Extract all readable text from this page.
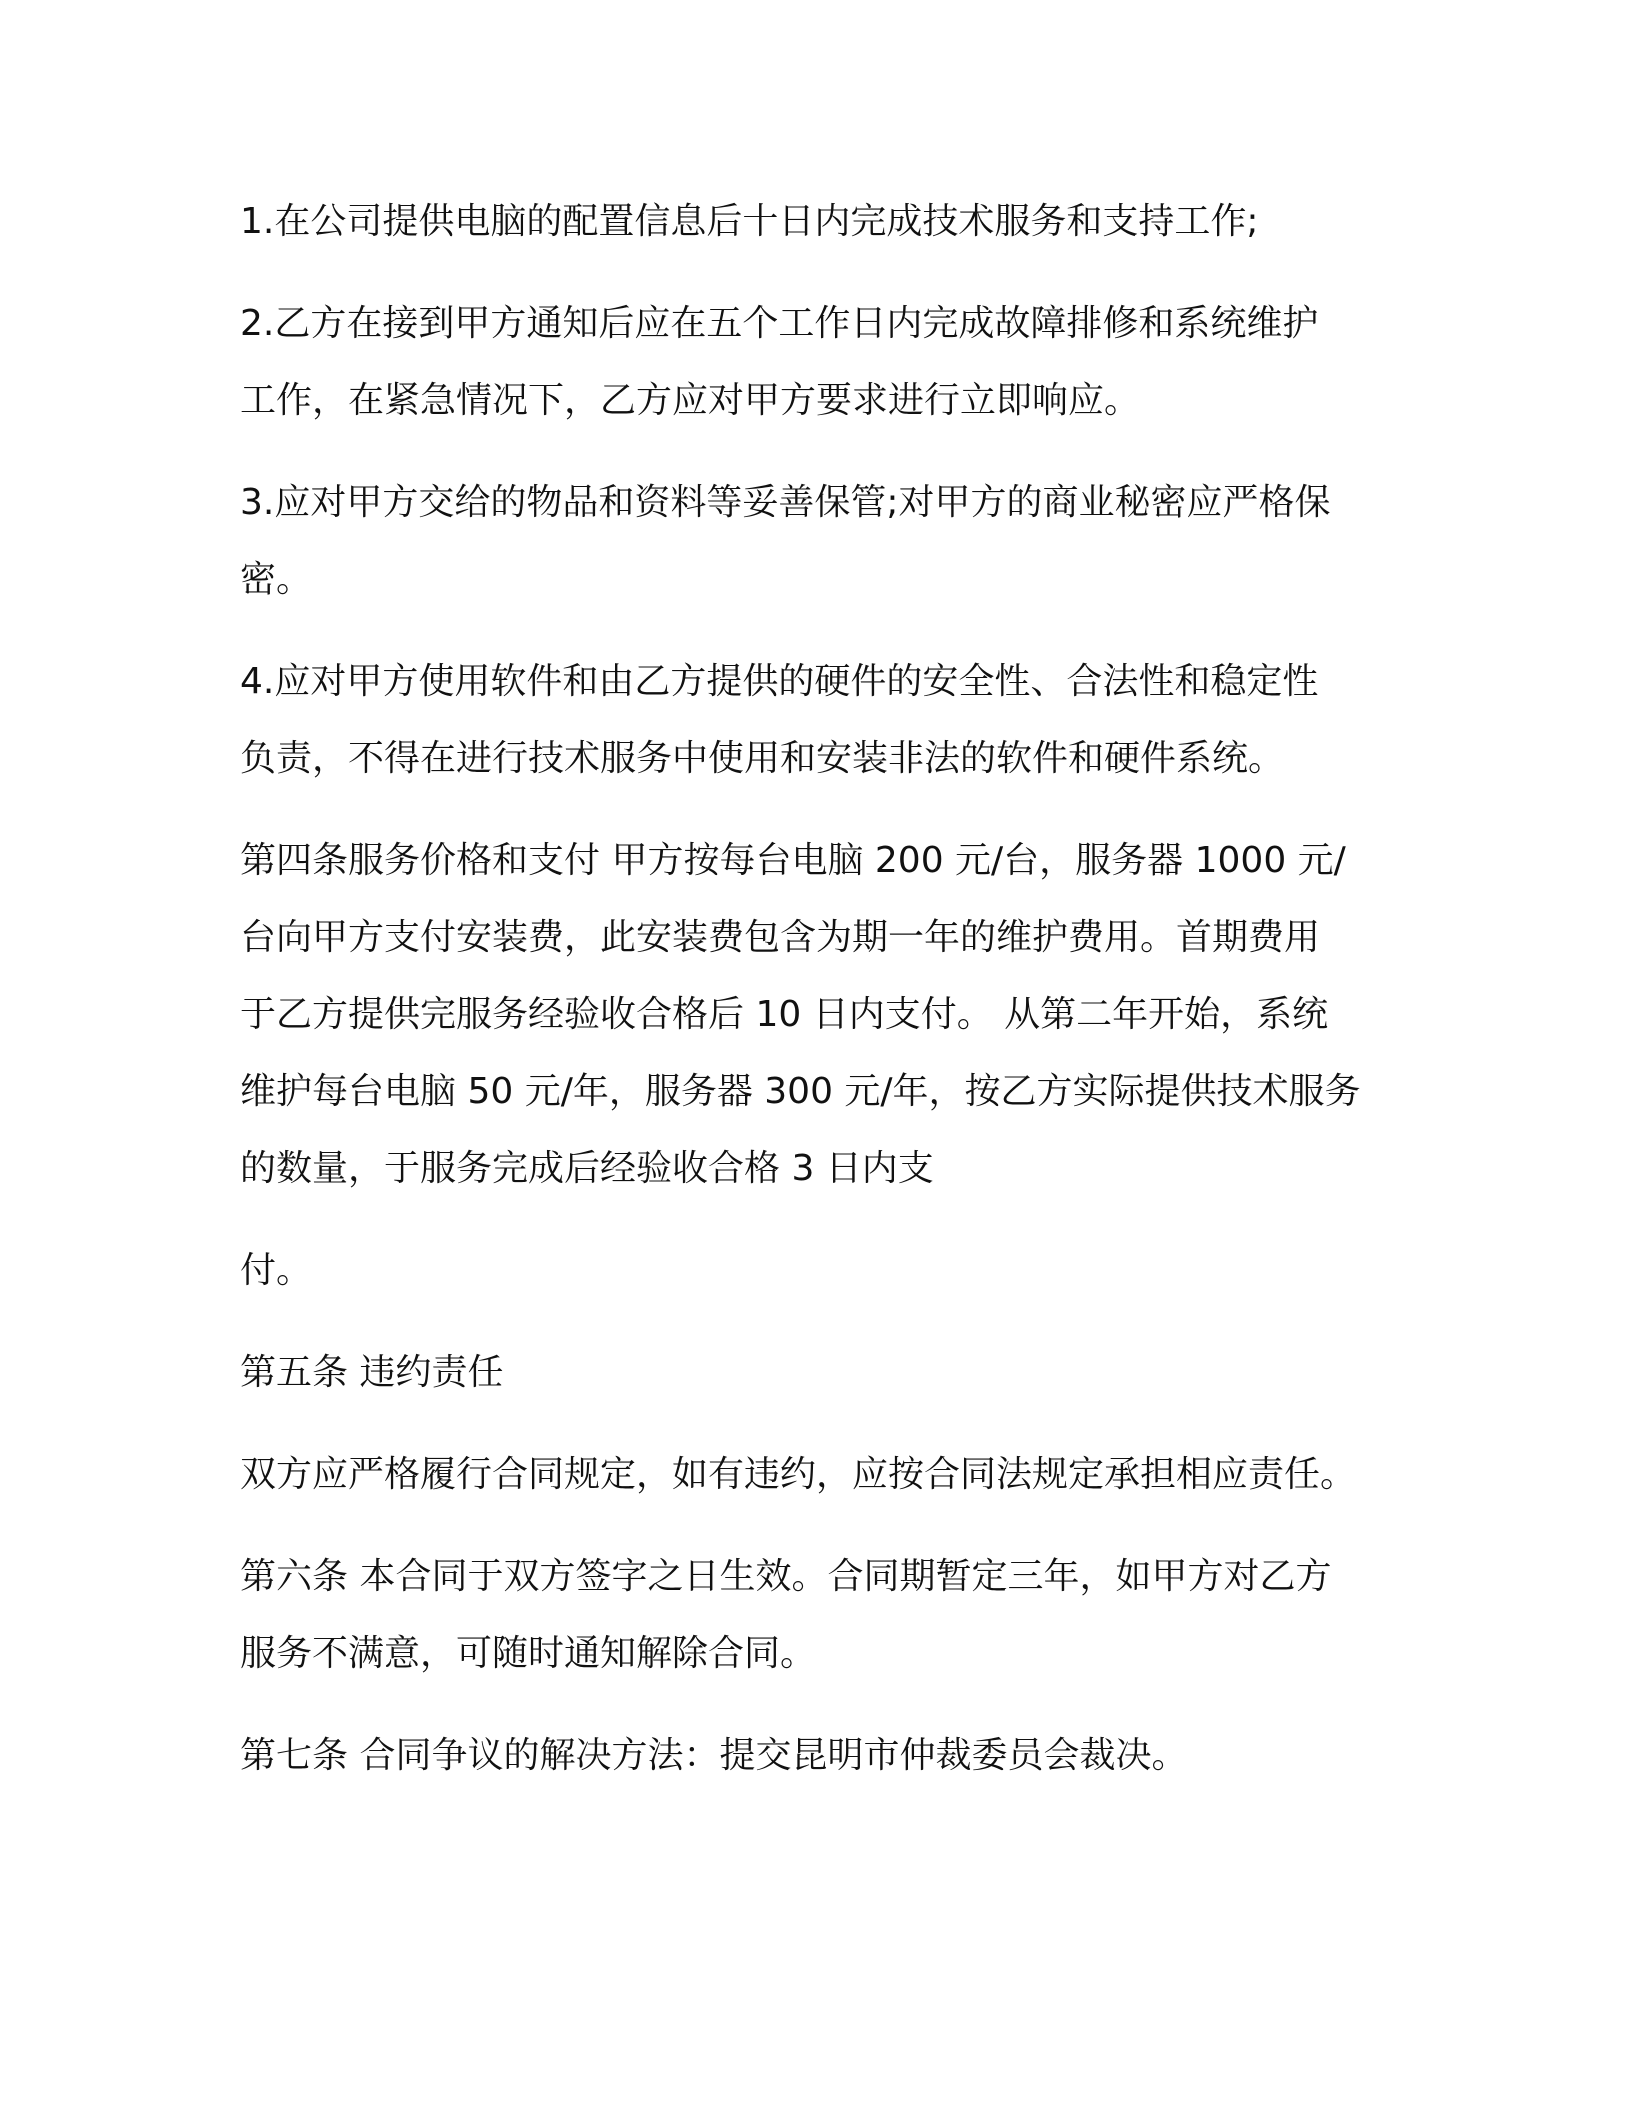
1.在公司提供电脑的配置信息后十日内完成技术服务和支持工作;

2.乙方在接到甲方通知后应在五个工作日内完成故障排修和系统维护
工作，在紧急情况下，乙方应对甲方要求进行立即响应。

3.应对甲方交给的物品和资料等妥善保管;对甲方的商业秘密应严格保
密。

4.应对甲方使用软件和由乙方提供的硬件的安全性、合法性和稳定性
负责，不得在进行技术服务中使用和安装非法的软件和硬件系统。

第四条服务价格和支付 甲方按每台电脑 200 元/台，服务器 1000 元/
台向甲方支付安装费，此安装费包含为期一年的维护费用。首期费用
于乙方提供完服务经验收合格后 10 日内支付。 从第二年开始，系统
维护每台电脑 50 元/年，服务器 300 元/年，按乙方实际提供技术服务
的数量，于服务完成后经验收合格 3 日内支

付。

第五条 违约责任

双方应严格履行合同规定，如有违约，应按合同法规定承担相应责任。

第六条 本合同于双方签字之日生效。合同期暂定三年，如甲方对乙方
服务不满意，可随时通知解除合同。

第七条 合同争议的解决方法：提交昆明市仲裁委员会裁决。
